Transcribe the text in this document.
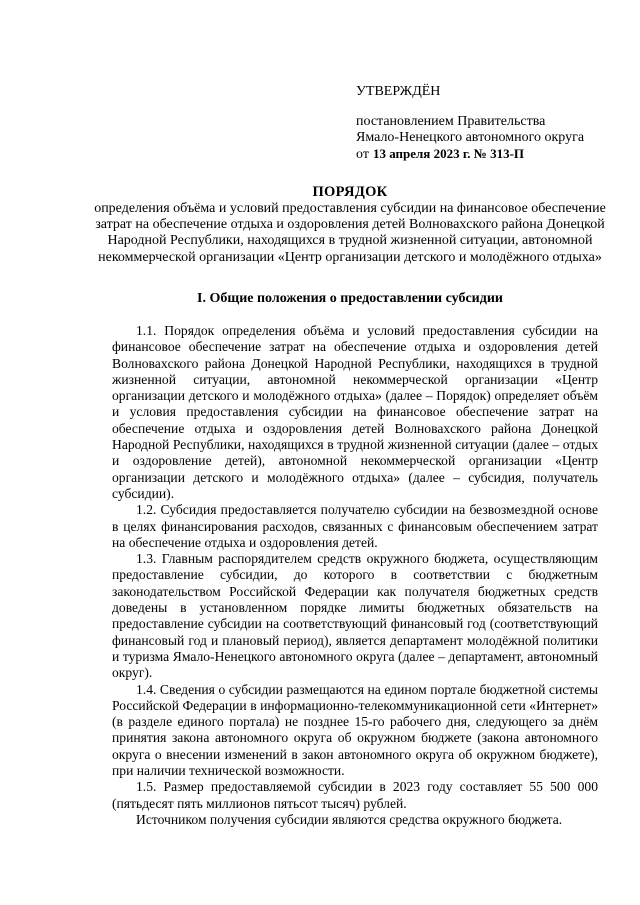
УТВЕРЖДЁН
постановлением Правительства
Ямало-Ненецкого автономного округа
от 13 апреля 2023 г. № 313-П
ПОРЯДОК
определения объёма и условий предоставления субсидии на финансовое обеспечение затрат на обеспечение отдыха и оздоровления детей Волноваxского района Донецкой Народной Республики, находящихся в трудной жизненной ситуации, автономной некоммерческой организации «Центр организации детского и молодёжного отдыха»
I. Общие положения о предоставлении субсидии

1.1. Порядок определения объёма и условий предоставления субсидии на финансовое обеспечение затрат на обеспечение отдыха и оздоровления детей Волноваxского района Донецкой Народной Республики, находящихся в трудной жизненной ситуации, автономной некоммерческой организации «Центр организации детского и молодёжного отдыха» (далее – Порядок) определяет объём и условия предоставления субсидии на финансовое обеспечение затрат на обеспечение отдыха и оздоровления детей Волноваxского района Донецкой Народной Республики, находящихся в трудной жизненной ситуации (далее – отдых и оздоровление детей), автономной некоммерческой организации «Центр организации детского и молодёжного отдыха» (далее – субсидия, получатель субсидии).

1.2. Субсидия предоставляется получателю субсидии на безвозмездной основе в целях финансирования расходов, связанных с финансовым обеспечением затрат на обеспечение отдыха и оздоровления детей.

1.3. Главным распорядителем средств окружного бюджета, осуществляющим предоставление субсидии, до которого в соответствии с бюджетным законодательством Российской Федерации как получателя бюджетных средств доведены в установленном порядке лимиты бюджетных обязательств на предоставление субсидии на соответствующий финансовый год (соответствующий финансовый год и плановый период), является департамент молодёжной политики и туризма Ямало-Ненецкого автономного округа (далее – департамент, автономный округ).

1.4. Сведения о субсидии размещаются на едином портале бюджетной системы Российской Федерации в информационно-телекоммуникационной сети «Интернет» (в разделе единого портала) не позднее 15-го рабочего дня, следующего за днём принятия закона автономного округа об окружном бюджете (закона автономного округа о внесении изменений в закон автономного округа об окружном бюджете), при наличии технической возможности.

1.5. Размер предоставляемой субсидии в 2023 году составляет 55 500 000 (пятьдесят пять миллионов пятьсот тысяч) рублей.

Источником получения субсидии являются средства окружного бюджета.
